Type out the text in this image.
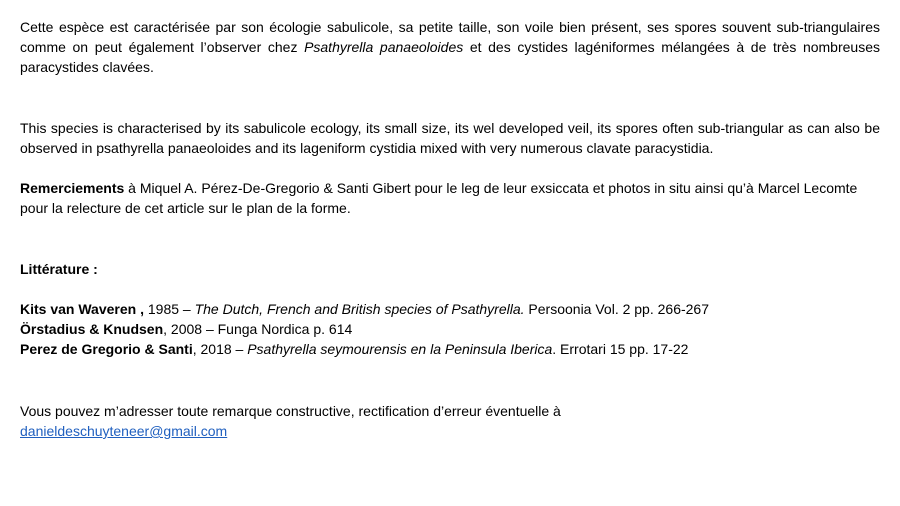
Cette espèce est caractérisée par son écologie sabulicole, sa petite taille, son voile bien présent, ses spores souvent sub-triangulaires comme on peut également l’observer chez Psathyrella panaeoloides et des cystides lagéniformes mélangées à de très nombreuses paracystides clavées.

This species is characterised by its sabulicole ecology, its small size, its wel developed veil, its spores often sub-triangular as can also be observed in psathyrella panaeoloides and its lageniform cystidia mixed with very numerous clavate paracystidia.

Remerciements à Miquel A. Pérez-De-Gregorio & Santi Gibert pour le leg de leur exsiccata et photos in situ ainsi qu’à Marcel Lecomte pour la relecture de cet article sur le plan de la forme.

Littérature :

Kits van Waveren , 1985 – The Dutch, French and British species of Psathyrella. Persoonia Vol. 2 pp. 266-267

Örstadius & Knudsen, 2008 – Funga Nordica p. 614

Perez de Gregorio & Santi, 2018 – Psathyrella seymourensis en la Peninsula Iberica. Errotari 15 pp. 17-22

Vous pouvez m’adresser toute remarque constructive, rectification d’erreur éventuelle à

danieldeschuyteneer@gmail.com
